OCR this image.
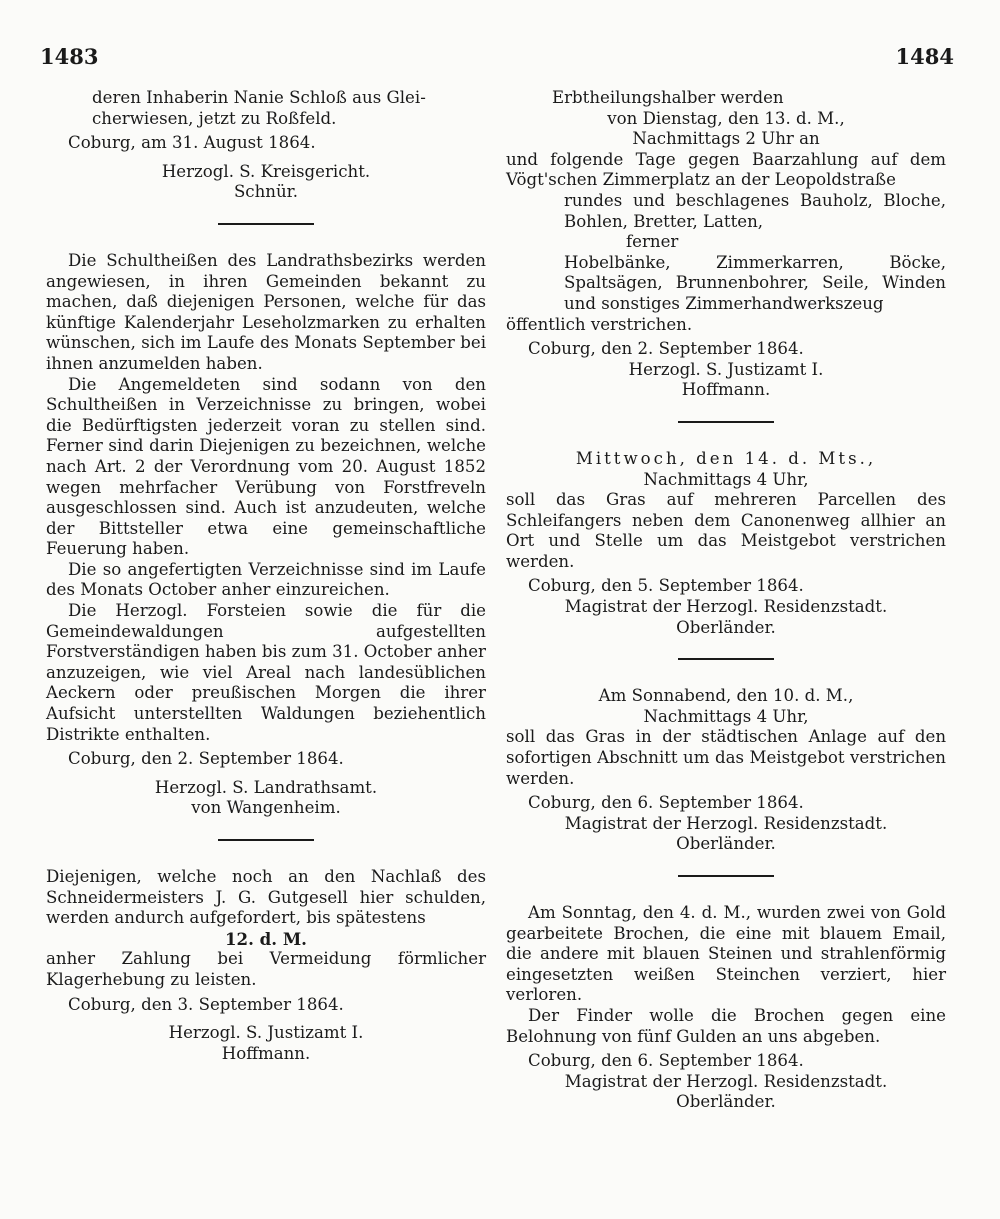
1483	1484

deren Inhaberin Nanie Schloß aus Glei-

cherwiesen, jetzt zu Roßfeld.

Coburg, am 31. August 1864.

Herzogl. S. Kreisgericht.

Schnür.

Die Schultheißen des Landrathsbezirks werden angewiesen, in ihren Gemeinden bekannt zu machen, daß diejenigen Personen, welche für das künftige Kalenderjahr Leseholzmarken zu erhalten wünschen, sich im Laufe des Monats September bei ihnen anzumelden haben.

Die Angemeldeten sind sodann von den Schultheißen in Verzeichnisse zu bringen, wobei die Bedürftigsten jederzeit voran zu stellen sind. Ferner sind darin Diejenigen zu bezeichnen, welche nach Art. 2 der Verordnung vom 20. August 1852 wegen mehrfacher Verübung von Forstfreveln ausgeschlossen sind. Auch ist anzudeuten, welche der Bittsteller etwa eine gemeinschaftliche Feuerung haben.

Die so angefertigten Verzeichnisse sind im Laufe des Monats October anher einzureichen.

Die Herzogl. Forsteien sowie die für die Gemeindewaldungen aufgestellten Forstverständigen haben bis zum 31. October anher anzuzeigen, wie viel Areal nach landesüblichen Aeckern oder preußischen Morgen die ihrer Aufsicht unterstellten Waldungen beziehentlich Distrikte enthalten.

Coburg, den 2. September 1864.

Herzogl. S. Landrathsamt.

von Wangenheim.

Diejenigen, welche noch an den Nachlaß des Schneidermeisters J. G. Gutgesell hier schulden, werden andurch aufgefordert, bis spätestens

12. d. M.

anher Zahlung bei Vermeidung förmlicher Klagerhebung zu leisten.

Coburg, den 3. September 1864.

Herzogl. S. Justizamt I.

Hoffmann.

Erbtheilungshalber werden

von Dienstag, den 13. d. M.,

Nachmittags 2 Uhr an

und folgende Tage gegen Baarzahlung auf dem Vögt'schen Zimmerplatz an der Leopoldstraße

rundes und beschlagenes Bauholz, Bloche, Bohlen, Bretter, Latten,

ferner

Hobelbänke, Zimmerkarren, Böcke, Spaltsägen, Brunnenbohrer, Seile, Winden und sonstiges Zimmerhandwerkszeug

öffentlich verstrichen.

Coburg, den 2. September 1864.

Herzogl. S. Justizamt I.

Hoffmann.

Mittwoch, den 14. d. Mts.,

Nachmittags 4 Uhr,

soll das Gras auf mehreren Parcellen des Schleifangers neben dem Canonenweg allhier an Ort und Stelle um das Meistgebot verstrichen werden.

Coburg, den 5. September 1864.

Magistrat der Herzogl. Residenzstadt.

Oberländer.

Am Sonnabend, den 10. d. M.,

Nachmittags 4 Uhr,

soll das Gras in der städtischen Anlage auf den sofortigen Abschnitt um das Meistgebot verstrichen werden.

Coburg, den 6. September 1864.

Magistrat der Herzogl. Residenzstadt.

Oberländer.

Am Sonntag, den 4. d. M., wurden zwei von Gold gearbeitete Brochen, die eine mit blauem Email, die andere mit blauen Steinen und strahlenförmig eingesetzten weißen Steinchen verziert, hier verloren.

Der Finder wolle die Brochen gegen eine Belohnung von fünf Gulden an uns abgeben.

Coburg, den 6. September 1864.

Magistrat der Herzogl. Residenzstadt.

Oberländer.
